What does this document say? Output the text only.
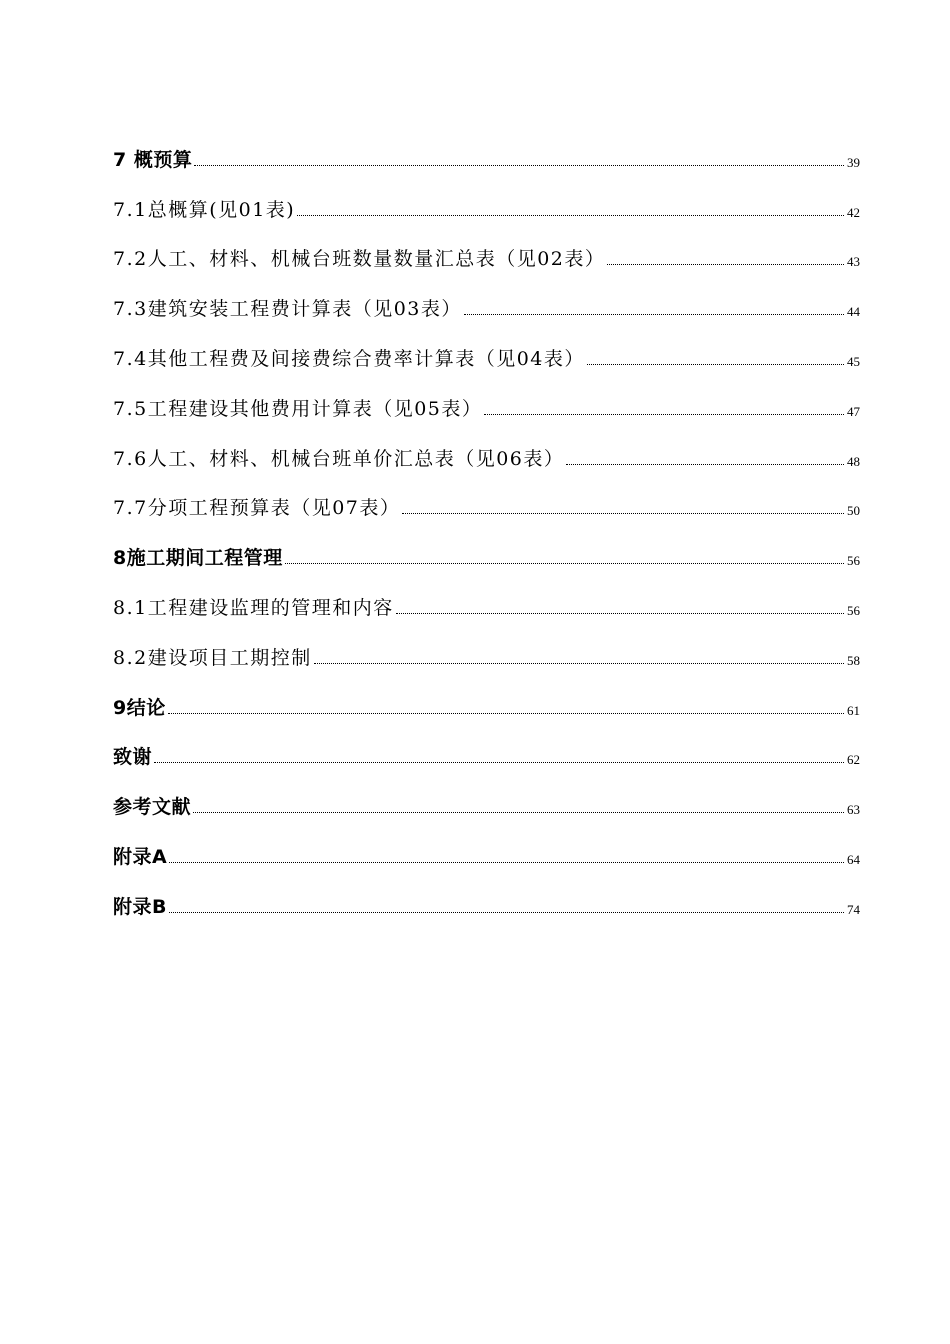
7 概预算	39
7.1总概算(见01表)	42
7.2人工、材料、机械台班数量数量汇总表（见02表）	43
7.3建筑安装工程费计算表（见03表）	44
7.4其他工程费及间接费综合费率计算表（见04表）	45
7.5工程建设其他费用计算表（见05表）	47
7.6人工、材料、机械台班单价汇总表（见06表）	48
7.7分项工程预算表（见07表）	50
8施工期间工程管理	56
8.1工程建设监理的管理和内容	56
8.2建设项目工期控制	58
9结论	61
致谢	62
参考文献	63
附录A	64
附录B	74
